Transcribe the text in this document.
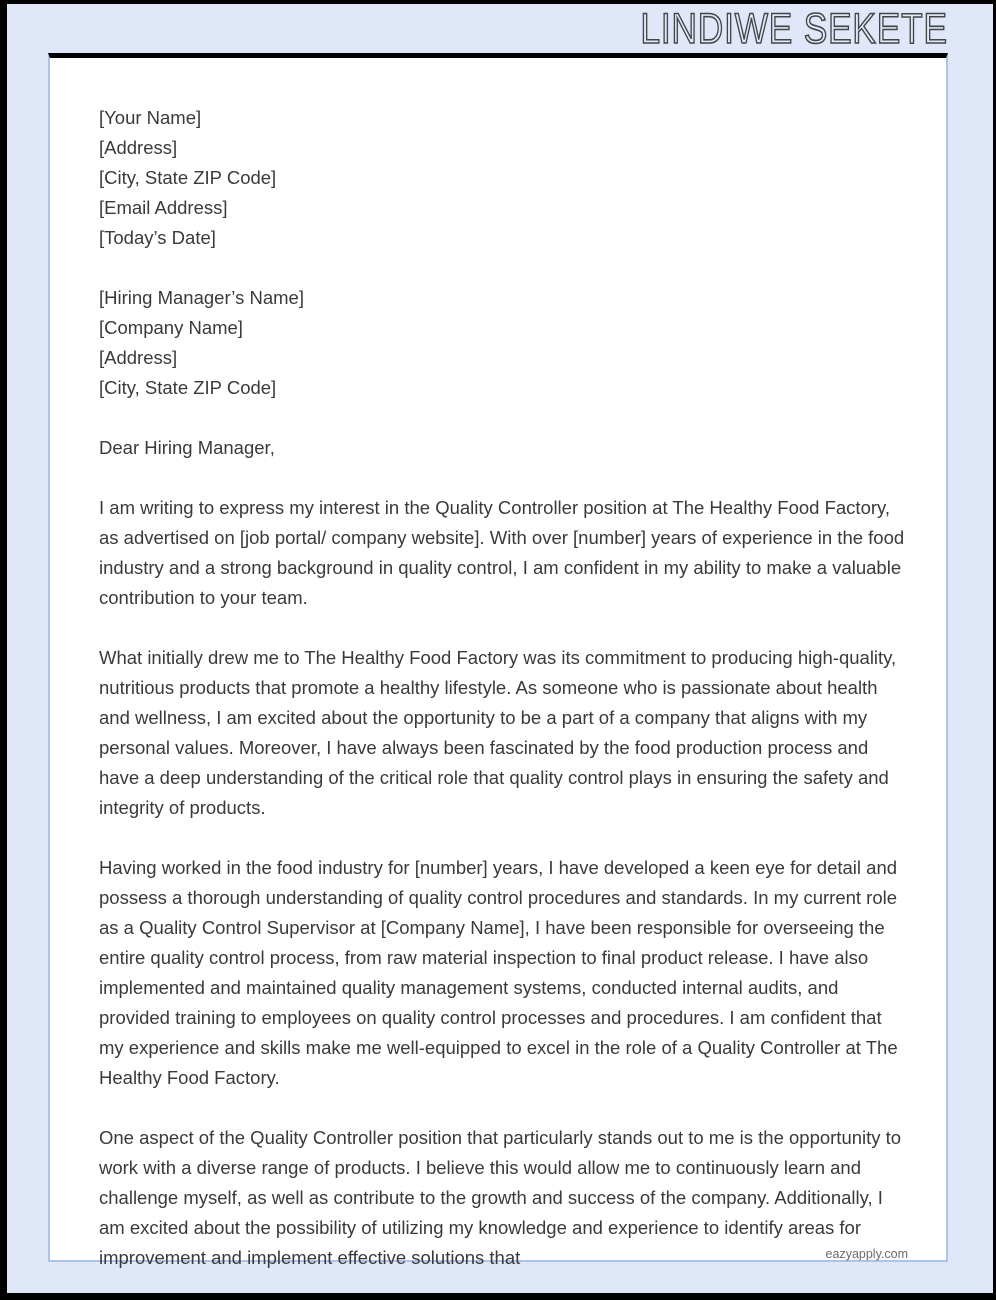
LINDIWE SEKETE
eazyapply.com
[Your Name]
[Address]
[City, State ZIP Code]
[Email Address]
[Today’s Date]
[Hiring Manager’s Name]
[Company Name]
[Address]
[City, State ZIP Code]

Dear Hiring Manager,

I am writing to express my interest in the Quality Controller position at The Healthy Food Factory, as advertised on [job portal/ company website]. With over [number] years of experience in the food industry and a strong background in quality control, I am confident in my ability to make a valuable contribution to your team.

What initially drew me to The Healthy Food Factory was its commitment to producing high-quality, nutritious products that promote a healthy lifestyle. As someone who is passionate about health and wellness, I am excited about the opportunity to be a part of a company that aligns with my personal values. Moreover, I have always been fascinated by the food production process and have a deep understanding of the critical role that quality control plays in ensuring the safety and integrity of products.

Having worked in the food industry for [number] years, I have developed a keen eye for detail and possess a thorough understanding of quality control procedures and standards. In my current role as a Quality Control Supervisor at [Company Name], I have been responsible for overseeing the entire quality control process, from raw material inspection to final product release. I have also implemented and maintained quality management systems, conducted internal audits, and provided training to employees on quality control processes and procedures. I am confident that my experience and skills make me well-equipped to excel in the role of a Quality Controller at The Healthy Food Factory.

One aspect of the Quality Controller position that particularly stands out to me is the opportunity to work with a diverse range of products. I believe this would allow me to continuously learn and challenge myself, as well as contribute to the growth and success of the company. Additionally, I am excited about the possibility of utilizing my knowledge and experience to identify areas for improvement and implement effective solutions that
